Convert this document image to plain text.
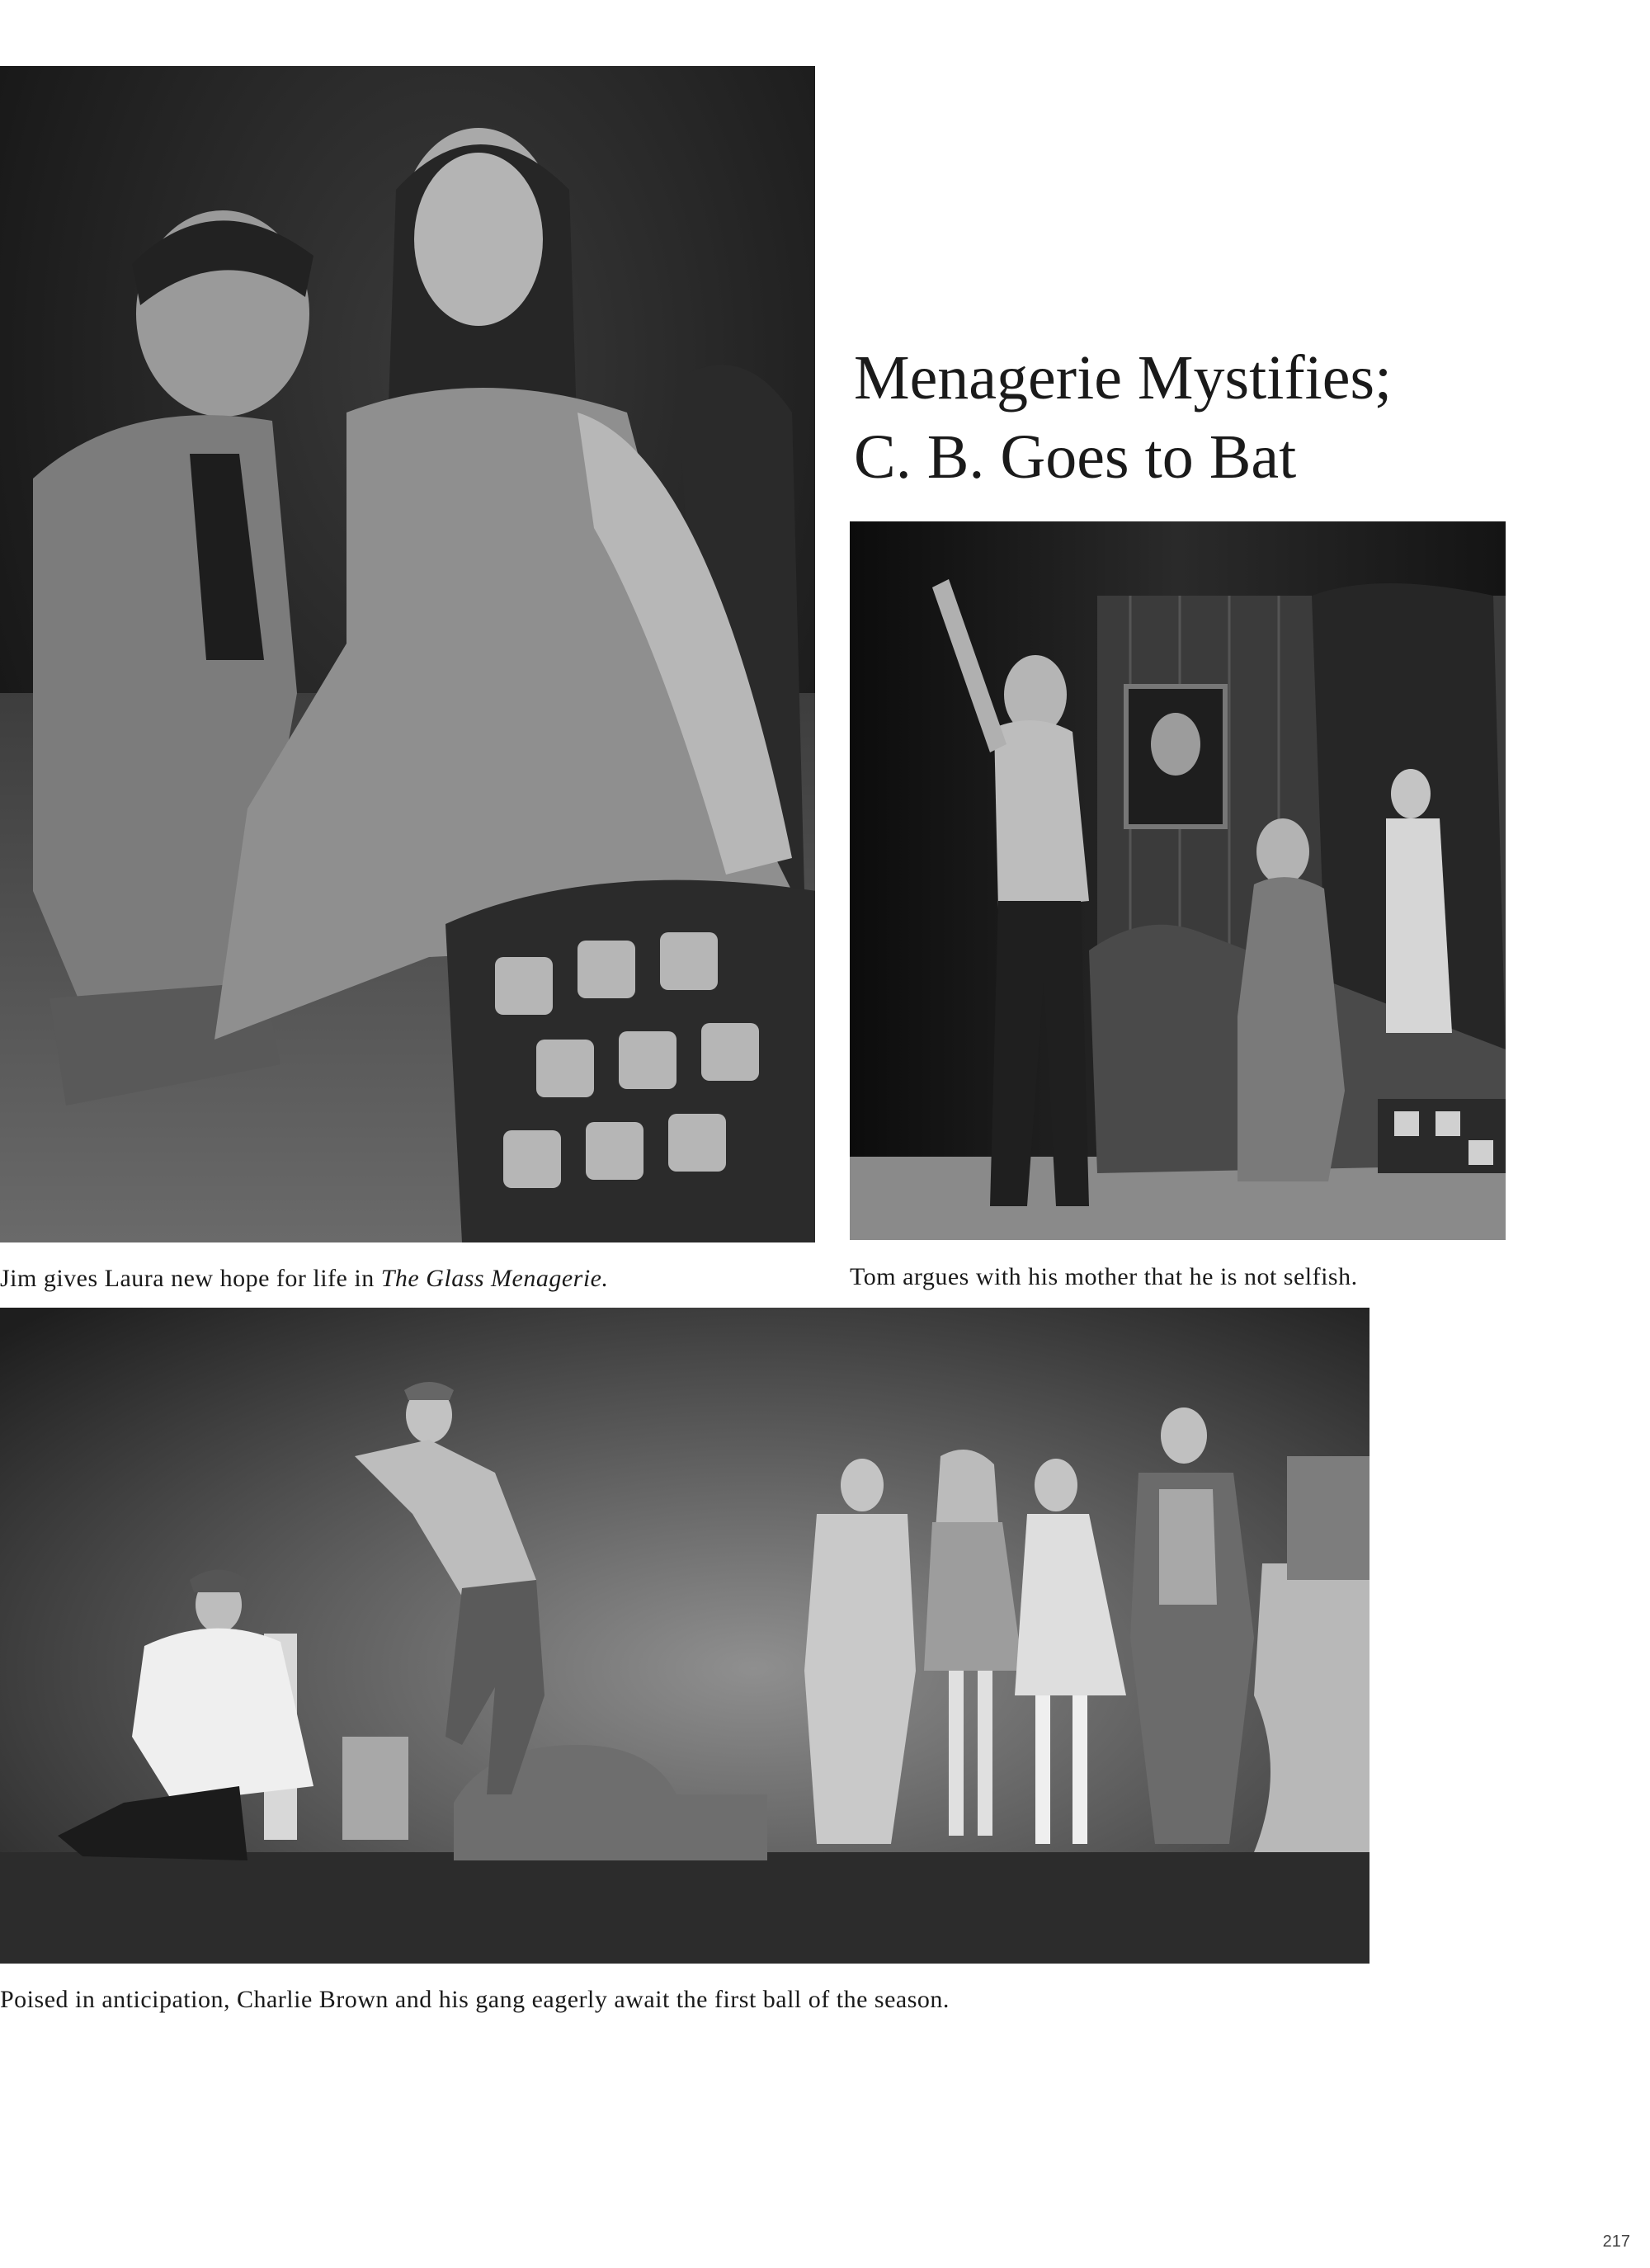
Menagerie Mystifies;
C. B. Goes to Bat

Jim gives Laura new hope for life in The Glass Menagerie.	Tom argues with his mother that he is not selfish.

Poised in anticipation, Charlie Brown and his gang eagerly await the first ball of the season.

217
